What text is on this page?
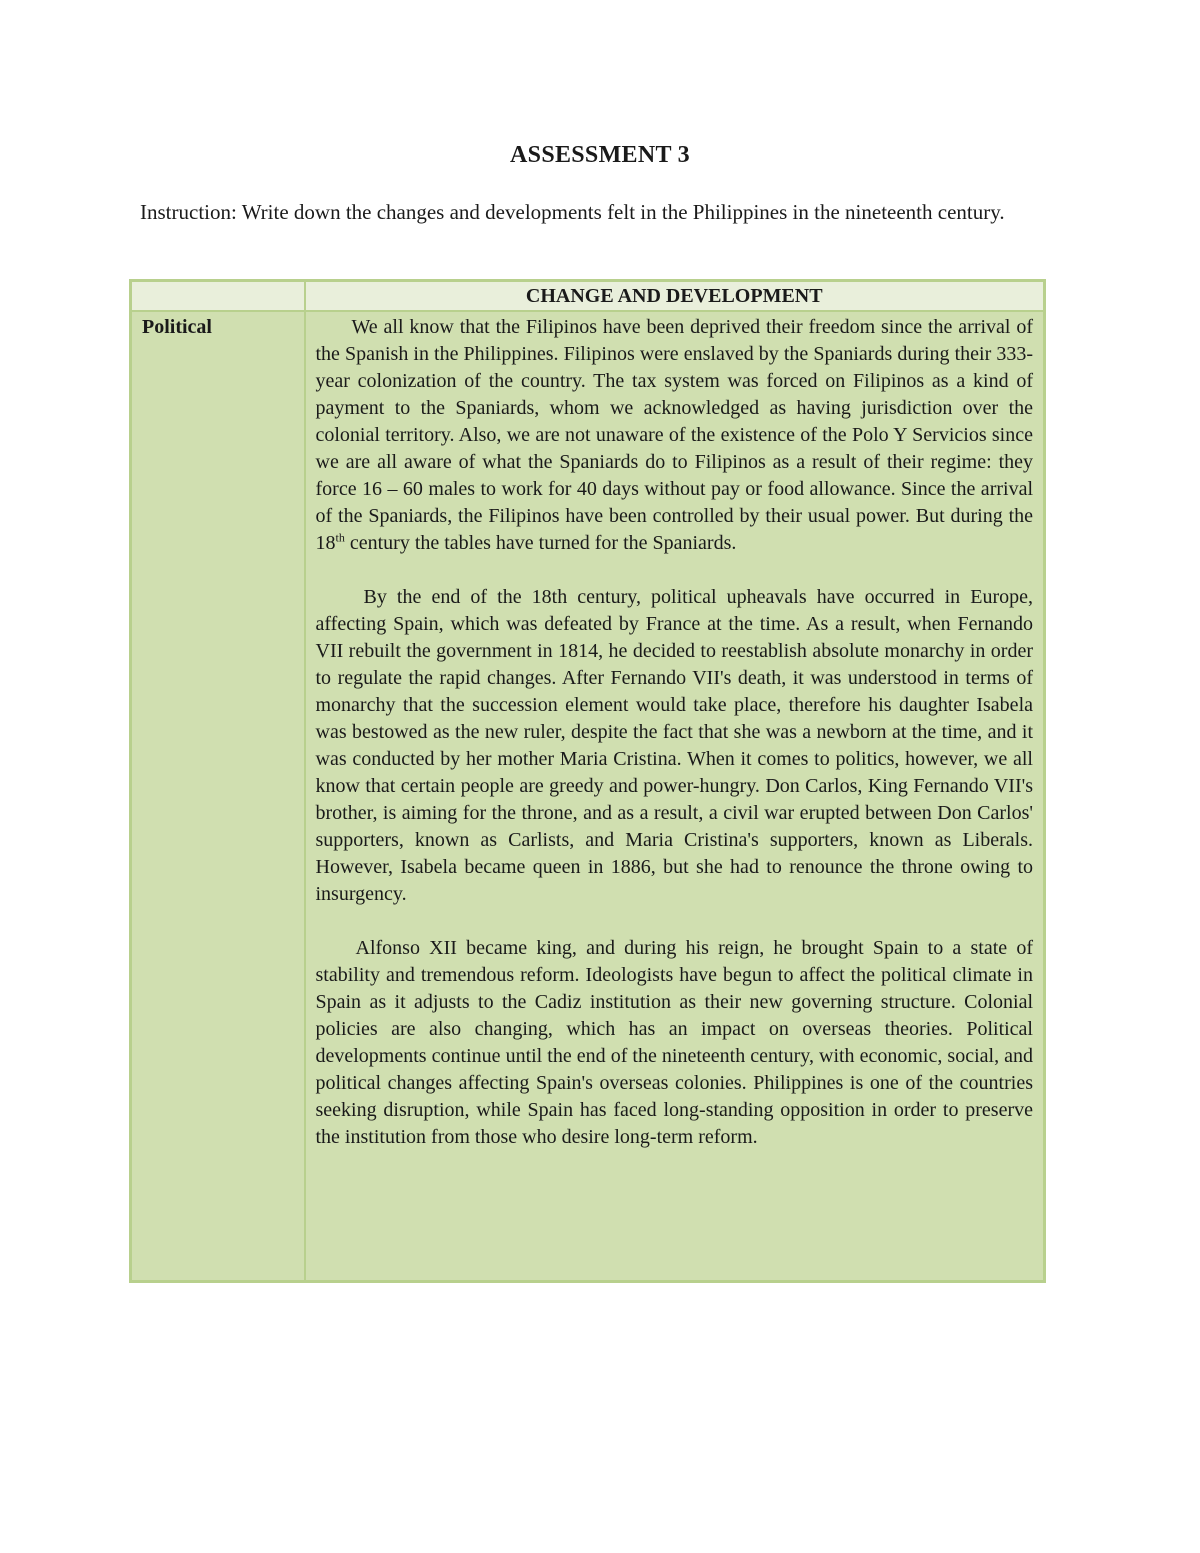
ASSESSMENT 3
Instruction: Write down the changes and developments felt in the Philippines in the nineteenth century.
	CHANGE AND DEVELOPMENT
Political	We all know that the Filipinos have been deprived their freedom since the arrival of the Spanish in the Philippines. Filipinos were enslaved by the Spaniards during their 333-year colonization of the country. The tax system was forced on Filipinos as a kind of payment to the Spaniards, whom we acknowledged as having jurisdiction over the colonial territory. Also, we are not unaware of the existence of the Polo Y Servicios since we are all aware of what the Spaniards do to Filipinos as a result of their regime: they force 16 – 60 males to work for 40 days without pay or food allowance. Since the arrival of the Spaniards, the Filipinos have been controlled by their usual power. But during the 18th century the tables have turned for the Spaniards.

By the end of the 18th century, political upheavals have occurred in Europe, affecting Spain, which was defeated by France at the time. As a result, when Fernando VII rebuilt the government in 1814, he decided to reestablish absolute monarchy in order to regulate the rapid changes. After Fernando VII's death, it was understood in terms of monarchy that the succession element would take place, therefore his daughter Isabela was bestowed as the new ruler, despite the fact that she was a newborn at the time, and it was conducted by her mother Maria Cristina. When it comes to politics, however, we all know that certain people are greedy and power-hungry. Don Carlos, King Fernando VII's brother, is aiming for the throne, and as a result, a civil war erupted between Don Carlos' supporters, known as Carlists, and Maria Cristina's supporters, known as Liberals. However, Isabela became queen in 1886, but she had to renounce the throne owing to insurgency.

Alfonso XII became king, and during his reign, he brought Spain to a state of stability and tremendous reform. Ideologists have begun to affect the political climate in Spain as it adjusts to the Cadiz institution as their new governing structure. Colonial policies are also changing, which has an impact on overseas theories. Political developments continue until the end of the nineteenth century, with economic, social, and political changes affecting Spain's overseas colonies. Philippines is one of the countries seeking disruption, while Spain has faced long-standing opposition in order to preserve the institution from those who desire long-term reform.
